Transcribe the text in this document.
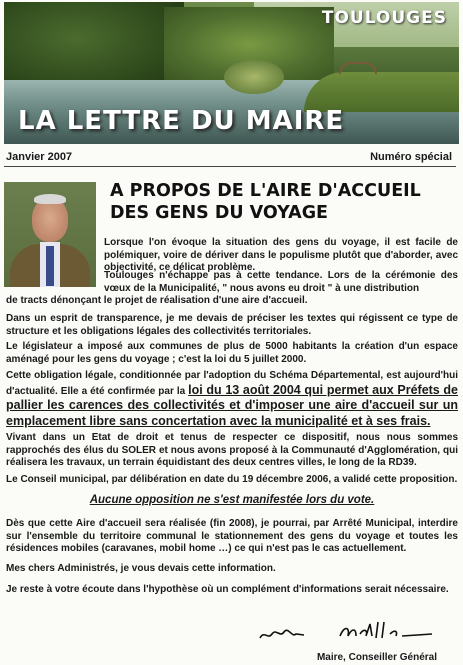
TOULOUGES
LA LETTRE DU MAIRE
Janvier 2007	Numéro spécial
A PROPOS DE L'AIRE D'ACCUEIL
DES GENS DU VOYAGE

Lorsque l'on évoque la situation des gens du voyage, il est facile de polémiquer, voire de dériver dans le populisme plutôt que d'aborder, avec objectivité, ce délicat problème.

Toulouges n'échappe pas à cette tendance. Lors de la cérémonie des vœux de la Municipalité, " nous avons eu droit " à une distribution

de tracts dénonçant le projet de réalisation d'une aire d'accueil.

Dans un esprit de transparence, je me devais de préciser les textes qui régissent ce type de structure et les obligations légales des collectivités territoriales.

Le législateur a imposé aux communes de plus de 5000 habitants la création d'un espace aménagé pour les gens du voyage ; c'est la loi du 5 juillet 2000.

Cette obligation légale, conditionnée par l'adoption du Schéma Départemental, est aujourd'hui d'actualité. Elle a été confirmée par la loi du 13 août 2004 qui permet aux Préfets de pallier les carences des collectivités et d'imposer une aire d'accueil sur un emplacement libre sans concertation avec la municipalité et à ses frais.

Vivant dans un Etat de droit et tenus de respecter ce dispositif, nous nous sommes rapprochés des élus du SOLER et nous avons proposé à la Communauté d'Agglomération, qui réalisera les travaux, un terrain équidistant des deux centres villes, le long de la RD39.

Le Conseil municipal, par délibération en date du 19 décembre 2006, a validé cette proposition.

Aucune opposition ne s'est manifestée lors du vote.

Dès que cette Aire d'accueil sera réalisée (fin 2008), je pourrai, par Arrêté Municipal, interdire sur l'ensemble du territoire communal le stationnement des gens du voyage et toutes les résidences mobiles (caravanes, mobil home …) ce qui n'est pas le cas actuellement.

Mes chers Administrés, je vous devais cette information.

Je reste à votre écoute dans l'hypothèse où un complément d'informations serait nécessaire.

Maire, Conseiller Général
